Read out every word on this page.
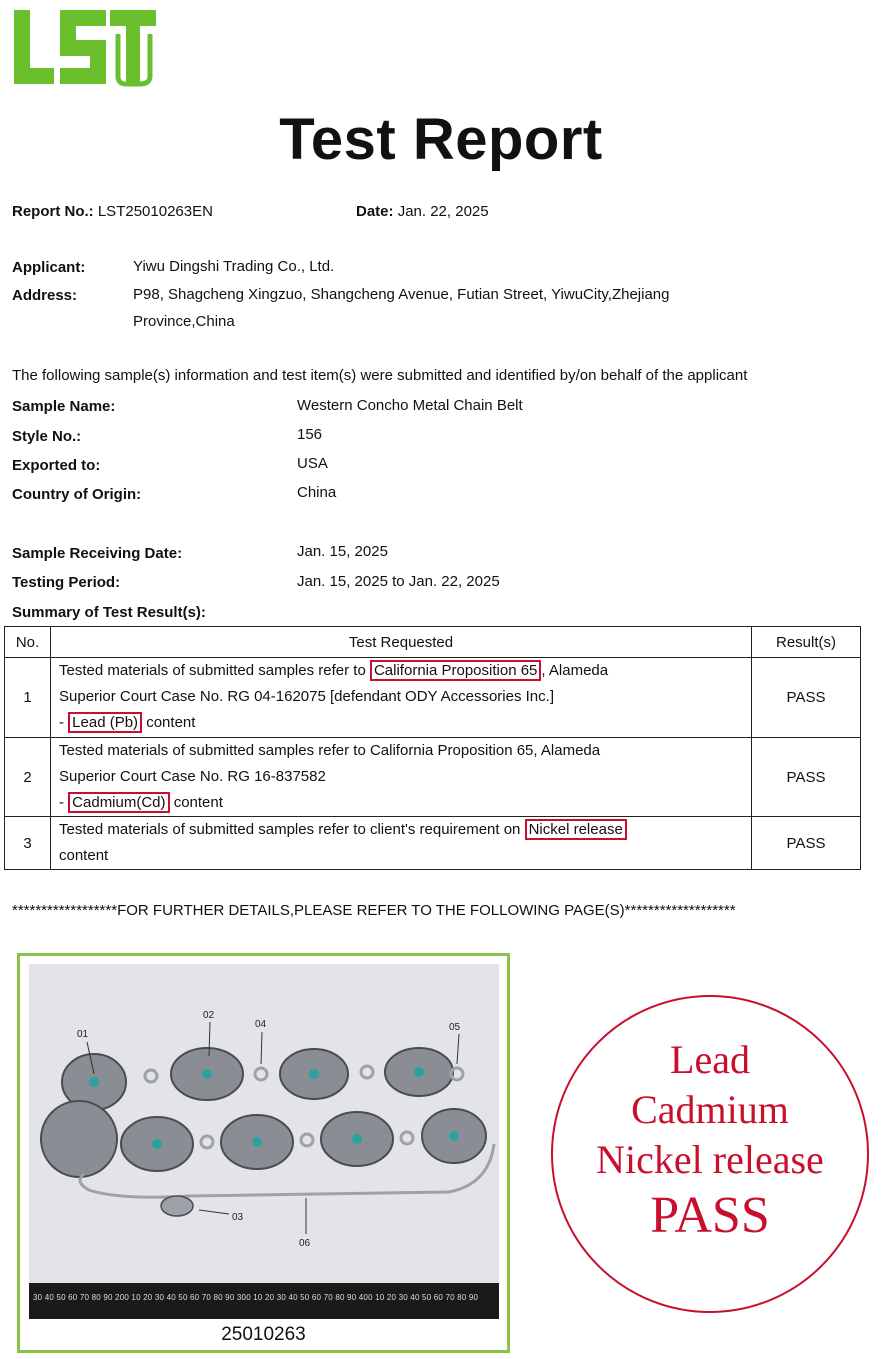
Test Report
Report No.: LST25010263EN	Date: Jan. 22, 2025
Applicant:	Yiwu Dingshi Trading Co., Ltd.
Address:	P98, Shagcheng Xingzuo, Shangcheng Avenue, Futian Street, YiwuCity,Zhejiang
Province,China
The following sample(s) information and test item(s) were submitted and identified by/on behalf of the applicant
Sample Name:	Western Concho Metal Chain Belt
Style No.:	156
Exported to:	USA
Country of Origin:	China
Sample Receiving Date:	Jan. 15, 2025
Testing Period:	Jan. 15, 2025 to Jan. 22, 2025
Summary of Test Result(s):
No.	Test Requested	Result(s)
1	Tested materials of submitted samples refer to California Proposition 65 , Alameda
Superior Court Case No. RG 04-162075 [defendant ODY Accessories Inc.]
- Lead (Pb) content	PASS
2	Tested materials of submitted samples refer to California Proposition 65, Alameda
Superior Court Case No. RG 16-837582
- Cadmium(Cd) content	PASS
3	Tested materials of submitted samples refer to client's requirement on Nickel release
content	PASS
******************FOR FURTHER DETAILS,PLEASE REFER TO THE FOLLOWING PAGE(S)*******************
01
02
03
04	05
06
30 40 50 60 70 80 90 200 10 20 30 40 50 60 70 80 90 300 10 20 30 40 50 60 70 80 90 400 10 20 30 40 50 60 70 80 90
25010263
Lead
Cadmium
Nickel release
PASS
